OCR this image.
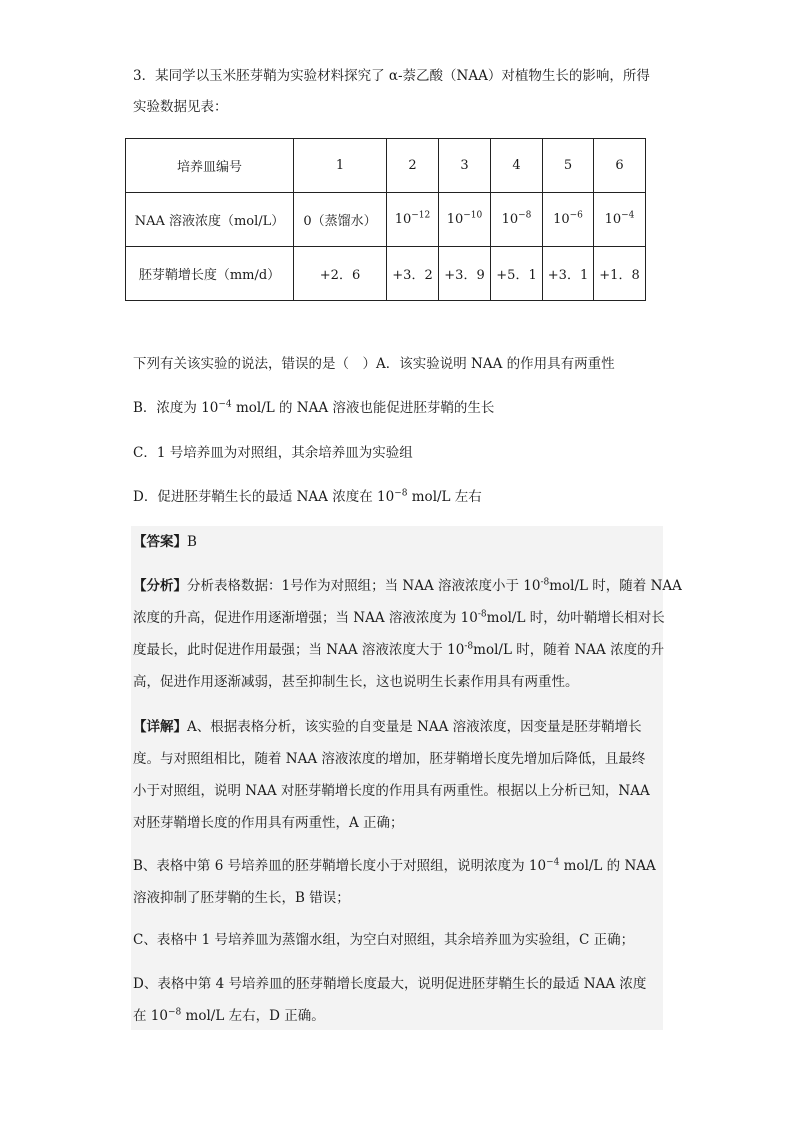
3．某同学以玉米胚芽鞘为实验材料探究了 α-萘乙酸（NAA）对植物生长的影响，所得
实验数据见表：
培养皿编号	1	2	3	4	5	6
NAA 溶液浓度（mol/L）	0（蒸馏水）	$10^{-12}$	$10^{-10}$	$10^{-8}$	$10^{-6}$	$10^{-4}$
胚芽鞘增长度（mm/d）	+2．6	+3．2	+3．9	+5．1	+3．1	+1．8
下列有关该实验的说法，错误的是（　）A．该实验说明 NAA 的作用具有两重性
B．浓度为 $10^{-4}$ mol/L 的 NAA 溶液也能促进胚芽鞘的生长
C．1 号培养皿为对照组，其余培养皿为实验组
D．促进胚芽鞘生长的最适 NAA 浓度在 $10^{-8}$ mol/L 左右
【答案】B
【分析】分析表格数据：1号作为对照组；当 NAA 溶液浓度小于 $10^{-8}mol/L$ 时，随着 NAA
浓度的升高，促进作用逐渐增强；当 NAA 溶液浓度为 $10^{-8}mol/L$ 时，幼叶鞘增长相对长
度最长，此时促进作用最强；当 NAA 溶液浓度大于 $10^{-8}mol/L$ 时，随着 NAA 浓度的升
高，促进作用逐渐减弱，甚至抑制生长，这也说明生长素作用具有两重性。
【详解】A、根据表格分析，该实验的自变量是 NAA 溶液浓度，因变量是胚芽鞘增长
度。与对照组相比，随着 NAA 溶液浓度的增加，胚芽鞘增长度先增加后降低，且最终
小于对照组，说明 NAA 对胚芽鞘增长度的作用具有两重性。根据以上分析已知，NAA
对胚芽鞘增长度的作用具有两重性，A 正确；
B、表格中第 6 号培养皿的胚芽鞘增长度小于对照组，说明浓度为 $10^{-4}$ mol/L 的 NAA
溶液抑制了胚芽鞘的生长，B 错误；
C、表格中 1 号培养皿为蒸馏水组，为空白对照组，其余培养皿为实验组，C 正确；
D、表格中第 4 号培养皿的胚芽鞘增长度最大，说明促进胚芽鞘生长的最适 NAA 浓度
在 $10^{-8}$ mol/L 左右，D 正确。
